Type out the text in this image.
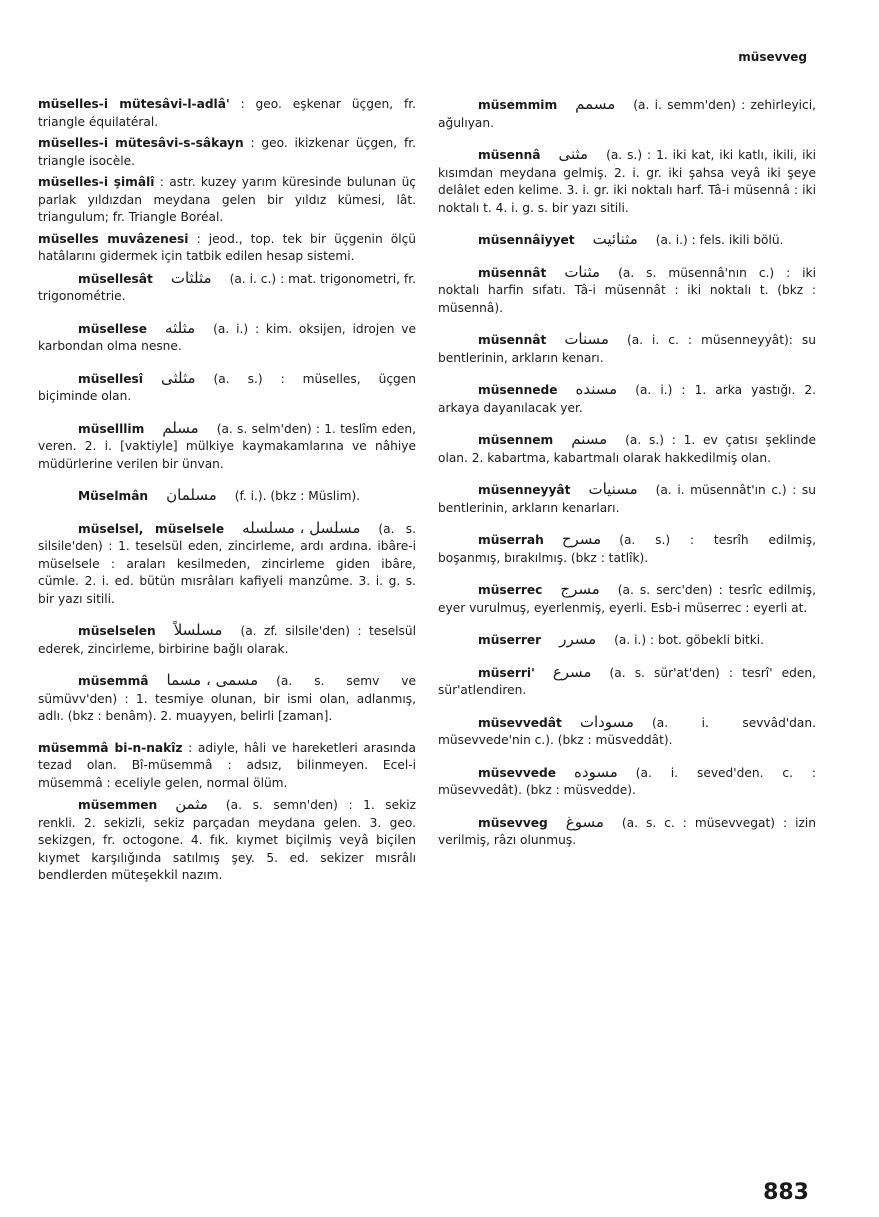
müsevveg

müselles-i mütesâvi-l-adlâ' : geo. eşkenar üçgen, fr. triangle équilatéral.

müselles-i mütesâvi-s-sâkayn : geo. ikizkenar üçgen, fr. triangle isocèle.

müselles-i şimâlî : astr. kuzey yarım küresinde bulunan üç parlak yıldızdan meydana gelen bir yıldız kümesi, lât. triangulum; fr. Triangle Boréal.

müselles muvâzenesi : jeod., top. tek bir üçgenin ölçü hatâlarını gidermek için tatbik edilen hesap sistemi.

müsellesât مثلثات (a. i. c.) : mat. trigonometri, fr. trigonométrie.

müsellese مثلثه (a. i.) : kim. oksijen, idrojen ve karbondan olma nesne.

müsellesî مثلثى (a. s.) : müselles, üçgen biçiminde olan.

müselllim مسلم (a. s. selm'den) : 1. teslîm eden, veren. 2. i. [vaktiyle] mülkiye kaymakamlarına ve nâhiye müdürlerine verilen bir ünvan.

Müselmân مسلمان (f. i.). (bkz : Müslim).

müselsel, müselsele مسلسل ، مسلسله (a. s. silsile'den) : 1. teselsül eden, zincirleme, ardı ardına. ibâre-i müselsele : araları kesilmeden, zincirleme giden ibâre, cümle. 2. i. ed. bütün mısrâları kafiyeli manzûme. 3. i. g. s. bir yazı sitili.

müselselen مسلسلاً (a. zf. silsile'den) : teselsül ederek, zincirleme, birbirine bağlı olarak.

müsemmâ مسمى ، مسما (a. s. semv ve sümüvv'den) : 1. tesmiye olunan, bir ismi olan, adlanmış, adlı. (bkz : benâm). 2. muayyen, belirli [zaman].

müsemmâ bi-n-nakîz : adiyle, hâli ve hareketleri arasında tezad olan. Bî-müsemmâ : adsız, bilinmeyen. Ecel-i müsemmâ : eceliyle gelen, normal ölüm.

müsemmen مثمن (a. s. semn'den) : 1. sekiz renkli. 2. sekizli, sekiz parçadan meydana gelen. 3. geo. sekizgen, fr. octogone. 4. fık. kıymet biçilmiş veyâ biçilen kıymet karşılığında satılmış şey. 5. ed. sekizer mısrâlı bendlerden müteşekkil nazım.

müsemmim مسمم (a. i. semm'den) : zehirleyici, ağulıyan.

müsennâ مثنى (a. s.) : 1. iki kat, iki katlı, ikili, iki kısımdan meydana gelmiş. 2. i. gr. iki şahsa veyâ iki şeye delâlet eden kelime. 3. i. gr. iki noktalı harf. Tâ-i müsennâ : iki noktalı t. 4. i. g. s. bir yazı sitili.

müsennâiyyet مثنائيت (a. i.) : fels. ikili bölü.

müsennât مثنات (a. s. müsennâ'nın c.) : iki noktalı harfin sıfatı. Tâ-i müsennât : iki noktalı t. (bkz : müsennâ).

müsennât مسنات (a. i. c. : müsenneyyât): su bentlerinin, arkların kenarı.

müsennede مسنده (a. i.) : 1. arka yastığı. 2. arkaya dayanılacak yer.

müsennem مسنم (a. s.) : 1. ev çatısı şeklinde olan. 2. kabartma, kabartmalı olarak hakkedilmiş olan.

müsenneyyât مسنيات (a. i. müsennât'ın c.) : su bentlerinin, arkların kenarları.

müserrah مسرح (a. s.) : tesrîh edilmiş, boşanmış, bırakılmış. (bkz : tatlîk).

müserrec مسرج (a. s. serc'den) : tesrîc edilmiş, eyer vurulmuş, eyerlenmiş, eyerli. Esb-i müserrec : eyerli at.

müserrer مسرر (a. i.) : bot. göbekli bitki.

müserri' مسرع (a. s. sür'at'den) : tesrî' eden, sür'atlendiren.

müsevvedât مسودات (a. i. sevvâd'dan. müsevvede'nin c.). (bkz : müsveddât).

müsevvede مسوده (a. i. seved'den. c. : müsevvedât). (bkz : müsvedde).

müsevveg مسوغ (a. s. c. : müsevvegat) : izin verilmiş, râzı olunmuş.

883
